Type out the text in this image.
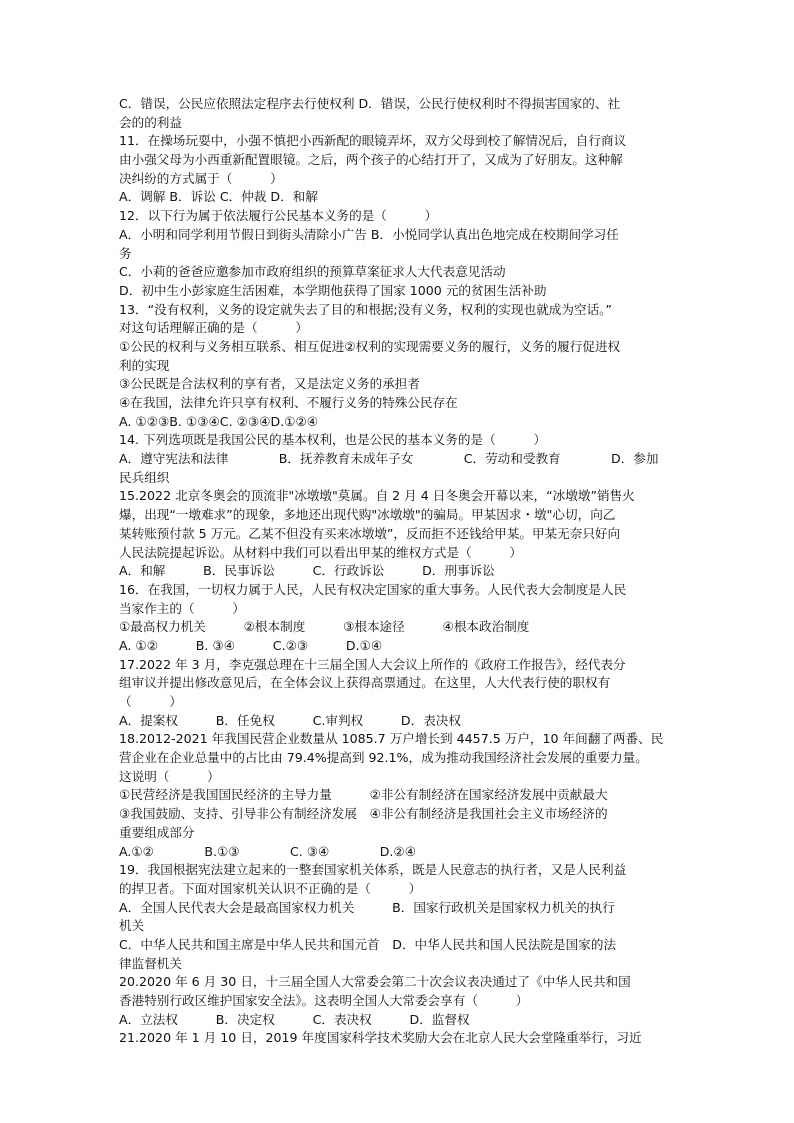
C．错误，公民应依照法定程序去行使权利 D．错误，公民行使权利时不得损害国家的、社
会的的利益
11．在操场玩耍中，小强不慎把小西新配的眼镜弄坏，双方父母到校了解情况后，自行商议
由小强父母为小西重新配置眼镜。之后，两个孩子的心结打开了，又成为了好朋友。这种解
决纠纷的方式属于（　　　）
A．调解 B．诉讼 C．仲裁 D．和解
12．以下行为属于依法履行公民基本义务的是（　　　）
A．小明和同学利用节假日到街头清除小广告 B．小悦同学认真出色地完成在校期间学习任
务
C．小莉的爸爸应邀参加市政府组织的预算草案征求人大代表意见活动
D．初中生小彭家庭生活困难，本学期他获得了国家 1000 元的贫困生活补助
13．“没有权利，义务的设定就失去了目的和根据;没有义务，权利的实现也就成为空话。”
对这句话理解正确的是（　　　）
①公民的权利与义务相互联系、相互促进②权利的实现需要义务的履行，义务的履行促进权
利的实现
③公民既是合法权利的享有者，又是法定义务的承担者
④在我国，法律允许只享有权利、不履行义务的特殊公民存在
A. ①②③B. ①③④C. ②③④D.①②④
14. 下列选项既是我国公民的基本权利，也是公民的基本义务的是（　　　）
A．遵守宪法和法律　　　　B．抚养教育未成年子女　　　　C．劳动和受教育　　　　D．参加
民兵组织
15.2022 北京冬奥会的顶流非"冰墩墩"莫属。自 2 月 4 日冬奥会开幕以来，“冰墩墩”销售火
爆，出现“一墩难求”的现象，多地还出现代购"冰墩墩"的骗局。甲某因求・墩"心切，向乙
某转账预付款 5 万元。乙某不但没有买来冰墩墩”，反而拒不还钱给甲某。甲某无奈只好向
人民法院提起诉讼。从材料中我们可以看出甲某的维权方式是（　　　）
A．和解　　　B．民事诉讼　　　C．行政诉讼　　　D．刑事诉讼
16．在我国，一切权力属于人民，人民有权决定国家的重大事务。人民代表大会制度是人民
当家作主的（　　　）
①最高权力机关　　　②根本制度　　　③根本途径　　　④根本政治制度
A. ①②　　　B. ③④　　　C.②③　　　D.①④
17.2022 年 3 月，李克强总理在十三届全国人大会议上所作的《政府工作报告》，经代表分
组审议并提出修改意见后，在全体会议上获得高票通过。在这里，人大代表行使的职权有
（　　　）
A．提案权　　　B．任免权　　　C.审判权　　　D．表决权
18.2012-2021 年我国民营企业数量从 1085.7 万户增长到 4457.5 万户，10 年间翻了两番、民
营企业在企业总量中的占比由 79.4%提高到 92.1%，成为推动我国经济社会发展的重要力量。
这说明（　　　）
①民营经济是我国国民经济的主导力量　　　②非公有制经济在国家经济发展中贡献最大
③我国鼓励、支持、引导非公有制经济发展　④非公有制经济是我国社会主义市场经济的
重要组成部分
A.①②　　　　B.①③　　　　C. ③④　　　　D.②④
19．我国根据宪法建立起来的一整套国家机关体系，既是人民意志的执行者，又是人民利益
的捍卫者。下面对国家机关认识不正确的是（　　　）
A．全国人民代表大会是最高国家权力机关　　　B．国家行政机关是国家权力机关的执行
机关
C．中华人民共和国主席是中华人民共和国元首　D．中华人民共和国人民法院是国家的法
律监督机关
20.2020 年 6 月 30 日，十三届全国人大常委会第二十次会议表决通过了《中华人民共和国
香港特别行政区维护国家安全法》。这表明全国人大常委会享有（　　　）
A．立法权　　　B．决定权　　　C．表决权　　　D．监督权
21.2020 年 1 月 10 日，2019 年度国家科学技术奖励大会在北京人民大会堂隆重举行，习近
